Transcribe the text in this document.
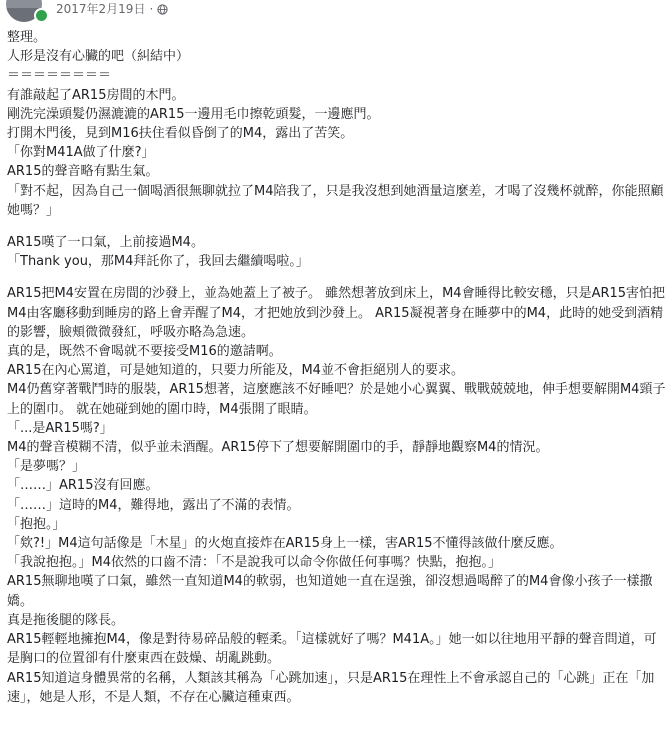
2017年2月19日 ·
整理。
人形是沒有心臟的吧（糾結中）
＝＝＝＝＝＝＝＝
有誰敲起了AR15房間的木門。
剛洗完澡頭髮仍濕漉漉的AR15一邊用毛巾擦乾頭髮，一邊應門。
打開木門後，見到M16扶住看似昏倒了的M4，露出了苦笑。
「你對M41A做了什麼?」
AR15的聲音略有點生氣。
「對不起，因為自己一個喝酒很無聊就拉了M4陪我了，只是我沒想到她酒量這麼差，才喝了沒幾杯就醉，你能照顧她嗎？」
AR15嘆了一口氣，上前接過M4。
「Thank you，那M4拜託你了，我回去繼續喝啦。」
AR15把M4安置在房間的沙發上，並為她蓋上了被子。 雖然想著放到床上，M4會睡得比較安穩，只是AR15害怕把M4由客廳移動到睡房的路上會弄醒了M4，才把她放到沙發上。 AR15凝視著身在睡夢中的M4，此時的她受到酒精的影響，臉頰微微發紅，呼吸亦略為急速。
真的是，既然不會喝就不要接受M16的邀請啊。
AR15在內心罵道，可是她知道的，只要力所能及，M4並不會拒絕別人的要求。
M4仍舊穿著戰鬥時的服裝，AR15想著，這麼應該不好睡吧？於是她小心翼翼、戰戰兢兢地，伸手想要解開M4頸子上的圍巾。 就在她碰到她的圍巾時，M4張開了眼睛。
「...是AR15嗎?」
M4的聲音模糊不清，似乎並未酒醒。AR15停下了想要解開圍巾的手，靜靜地觀察M4的情況。
「是夢嗎？」
「……」AR15沒有回應。
「……」這時的M4，難得地，露出了不滿的表情。
「抱抱。」
「欸?!」M4這句話像是「木星」的火炮直接炸在AR15身上一樣，害AR15不懂得該做什麼反應。
「我說抱抱。」M4依然的口齒不清：「不是說我可以命令你做任何事嗎？快點，抱抱。」
AR15無聊地嘆了口氣，雖然一直知道M4的軟弱，也知道她一直在逞強，卻沒想過喝醉了的M4會像小孩子一樣撒嬌。
真是拖後腿的隊長。
AR15輕輕地擁抱M4，像是對待易碎品般的輕柔。「這樣就好了嗎？M41A。」她一如以往地用平靜的聲音問道，可是胸口的位置卻有什麼東西在鼓燥、胡亂跳動。
AR15知道這身體異常的名稱，人類該其稱為「心跳加速」，只是AR15在理性上不會承認自己的「心跳」正在「加速」，她是人形，不是人類，不存在心臟這種東西。
